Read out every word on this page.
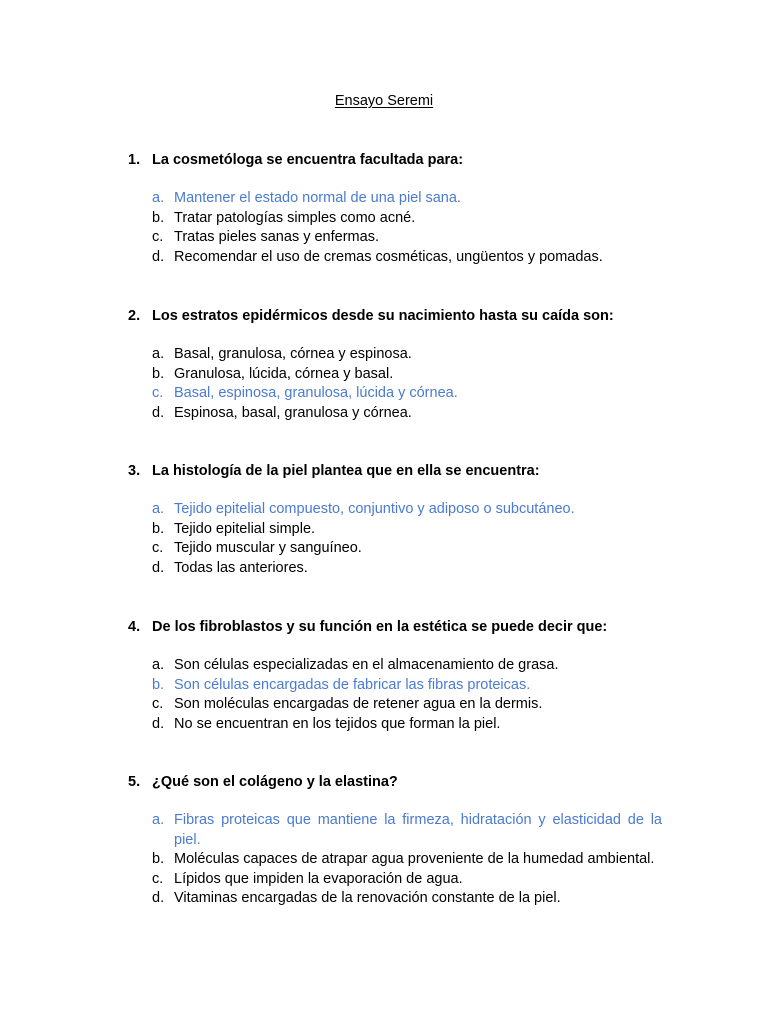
Ensayo Seremi
1. La cosmetóloga se encuentra facultada para:
a. Mantener el estado normal de una piel sana.
b. Tratar patologías simples como acné.
c. Tratas pieles sanas y enfermas.
d. Recomendar el uso de cremas cosméticas, ungüentos y pomadas.
2. Los estratos epidérmicos desde su nacimiento hasta su caída son:
a. Basal, granulosa, córnea y espinosa.
b. Granulosa, lúcida, córnea y basal.
c. Basal, espinosa, granulosa, lúcida y córnea.
d. Espinosa, basal, granulosa y córnea.
3. La histología de la piel plantea que en ella se encuentra:
a. Tejido epitelial compuesto, conjuntivo y adiposo o subcutáneo.
b. Tejido epitelial simple.
c. Tejido muscular y sanguíneo.
d. Todas las anteriores.
4. De los fibroblastos y su función en la estética se puede decir que:
a. Son células especializadas en el almacenamiento de grasa.
b. Son células encargadas de fabricar las fibras proteicas.
c. Son moléculas encargadas de retener agua en la dermis.
d. No se encuentran en los tejidos que forman la piel.
5. ¿Qué son el colágeno y la elastina?
a. Fibras proteicas que mantiene la firmeza, hidratación y elasticidad de la piel.
b. Moléculas capaces de atrapar agua proveniente de la humedad ambiental.
c. Lípidos que impiden la evaporación de agua.
d. Vitaminas encargadas de la renovación constante de la piel.
